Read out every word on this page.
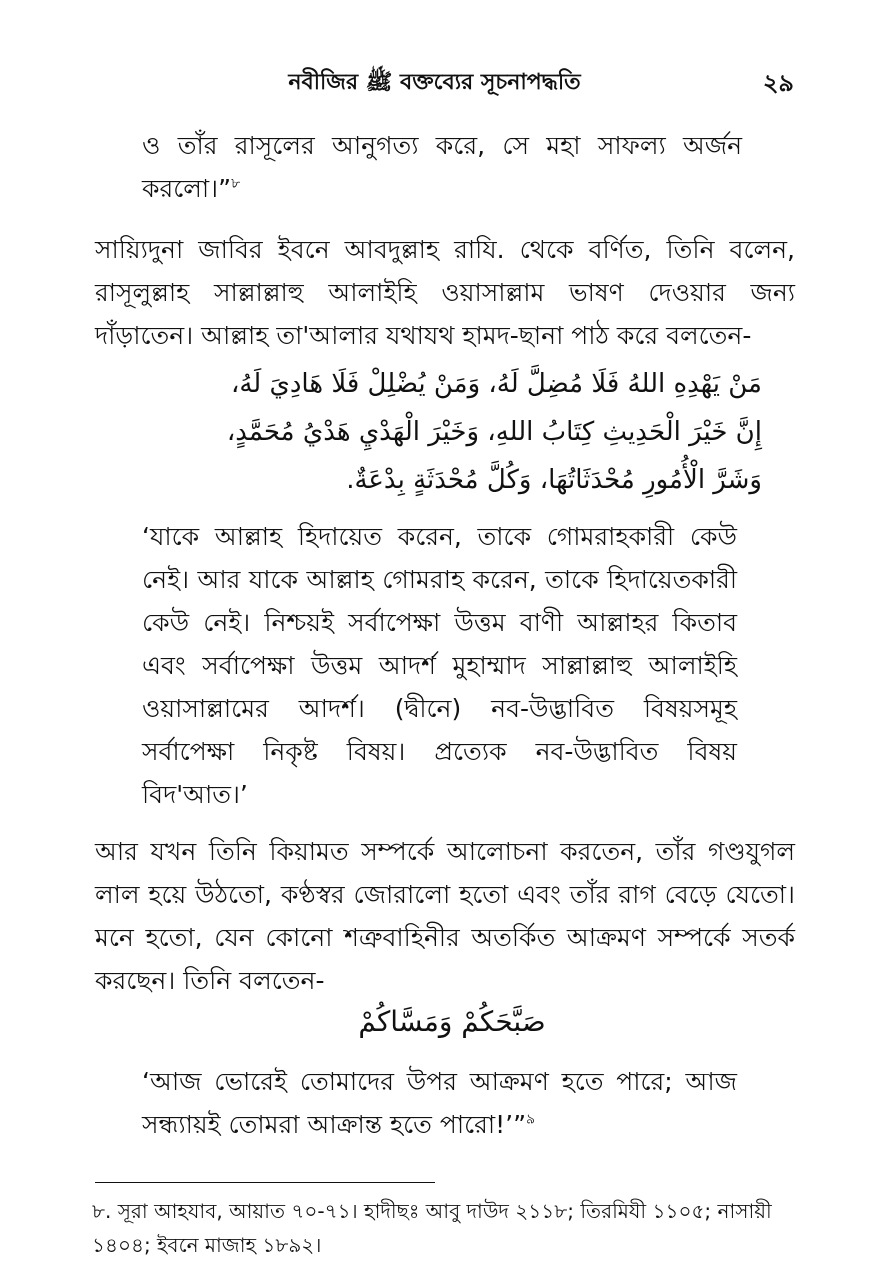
নবীজির ﷺ বক্তব্যের সূচনাপদ্ধতি	২৯

ও তাঁর রাসূলের আনুগত্য করে, সে মহা সাফল্য অর্জন করলো।”$^৮$

সায়্যিদুনা জাবির ইবনে আবদুল্লাহ রাযি. থেকে বর্ণিত, তিনি বলেন, রাসূলুল্লাহ সাল্লাল্লাহু আলাইহি ওয়াসাল্লাম ভাষণ দেওয়ার জন্য দাঁড়াতেন। আল্লাহ তা'আলার যথাযথ হামদ-ছানা পাঠ করে বলতেন-

مَنْ يَهْدِهِ اللهُ فَلَا مُضِلَّ لَهُ، وَمَنْ يُضْلِلْ فَلَا هَادِيَ لَهُ،
إِنَّ خَيْرَ الْحَدِيثِ كِتَابُ اللهِ، وَخَيْرَ الْهَدْيِ هَدْيُ مُحَمَّدٍ،
وَشَرَّ الْأُمُورِ مُحْدَثَاتُهَا، وَكُلَّ مُحْدَثَةٍ بِدْعَةٌ.

‘যাকে আল্লাহ হিদায়েত করেন, তাকে গোমরাহকারী কেউ নেই। আর যাকে আল্লাহ গোমরাহ করেন, তাকে হিদায়েতকারী কেউ নেই। নিশ্চয়ই সর্বাপেক্ষা উত্তম বাণী আল্লাহর কিতাব এবং সর্বাপেক্ষা উত্তম আদর্শ মুহাম্মাদ সাল্লাল্লাহু আলাইহি ওয়াসাল্লামের আদর্শ। (দ্বীনে) নব-উদ্ভাবিত বিষয়সমূহ সর্বাপেক্ষা নিকৃষ্ট বিষয়। প্রত্যেক নব-উদ্ভাবিত বিষয় বিদ'আত।’

আর যখন তিনি কিয়ামত সম্পর্কে আলোচনা করতেন, তাঁর গণ্ডযুগল লাল হয়ে উঠতো, কণ্ঠস্বর জোরালো হতো এবং তাঁর রাগ বেড়ে যেতো। মনে হতো, যেন কোনো শত্রুবাহিনীর অতর্কিত আক্রমণ সম্পর্কে সতর্ক করছেন। তিনি বলতেন-

صَبَّحَكُمْ وَمَسَّاكُمْ

‘আজ ভোরেই তোমাদের উপর আক্রমণ হতে পারে; আজ সন্ধ্যায়ই তোমরা আক্রান্ত হতে পারো!’”$^৯$

৮. সূরা আহযাব, আয়াত ৭০-৭১। হাদীছঃ আবু দাউদ ২১১৮; তিরমিযী ১১০৫; নাসায়ী ১৪০৪; ইবনে মাজাহ ১৮৯২।
